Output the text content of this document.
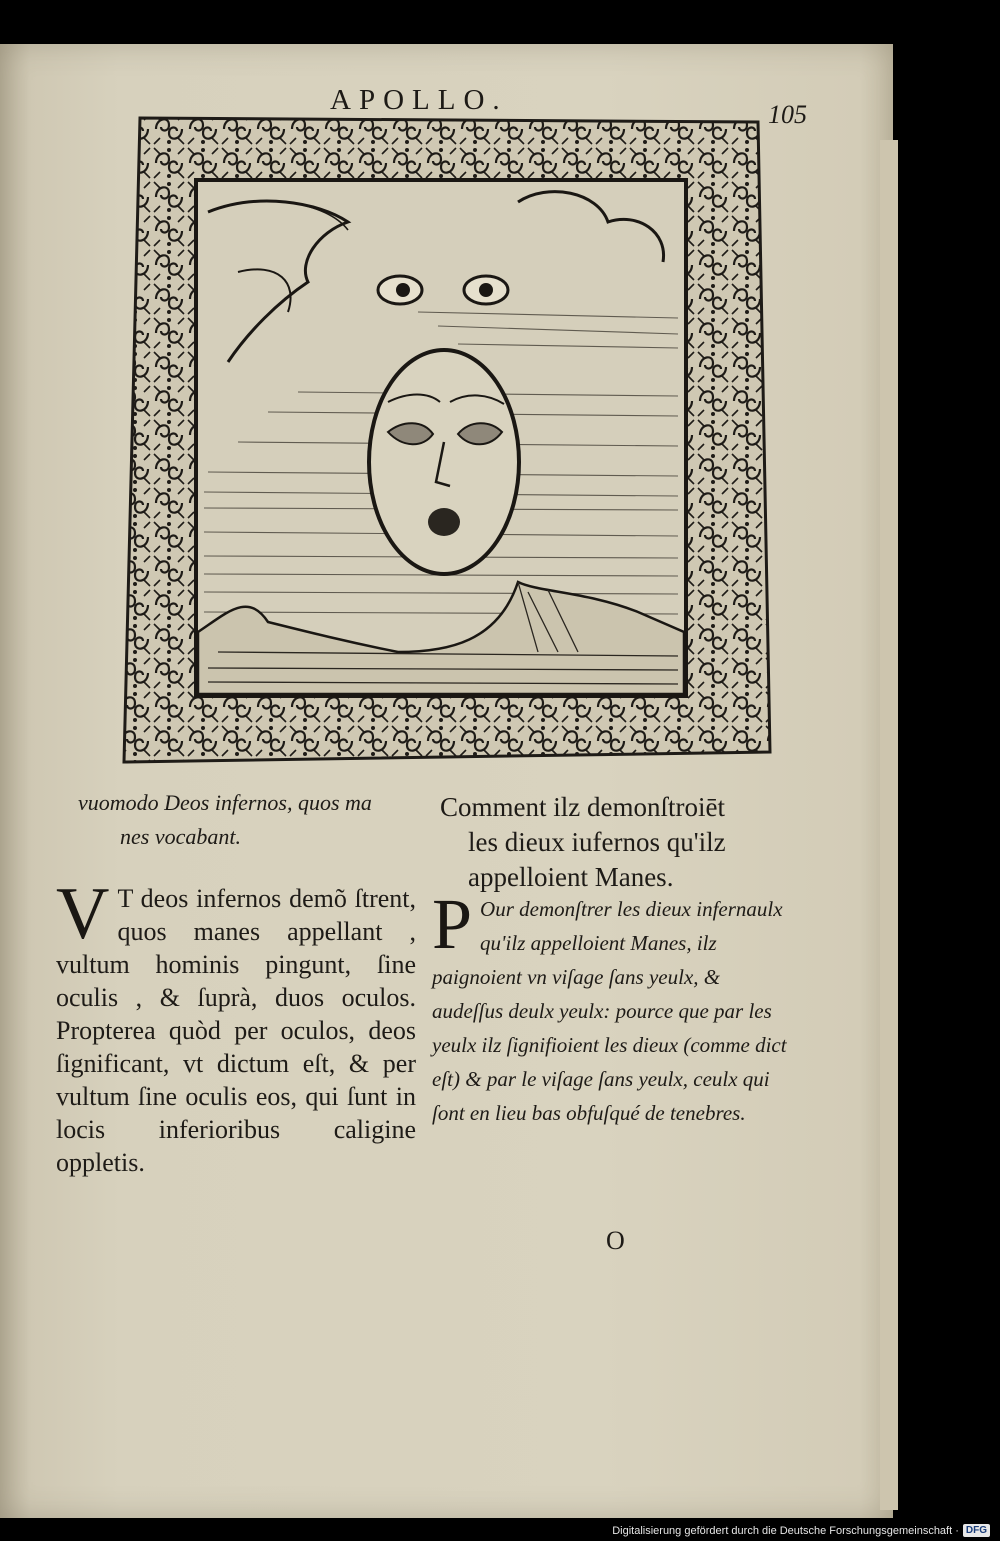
APOLLO.	105
vuomodo Deos infernos, quos ma
nes vocabant.
V T deos infernos demõ ſtrent, quos manes appellant , vultum hominis pingunt, ſine oculis , & ſuprà, duos oculos. Propterea quòd per oculos, deos ſignificant, vt dictum eſt, & per vultum ſine oculis eos, qui ſunt in locis inferioribus caligine oppletis.
Comment ilz demonſtroiēt
les dieux iufernos qu'ilz
appelloient Manes.
P Our demonſtrer les dieux infernaulx qu'ilz appelloient Manes, ilz paignoient vn viſage ſans yeulx, & audeſſus deulx yeulx: pource que par les yeulx ilz ſignifioient les dieux (comme dict eſt) & par le viſage ſans yeulx, ceulx qui ſont en lieu bas obfuſqué de tenebres.
O
Digitalisierung gefördert durch die Deutsche Forschungsgemeinschaft · DFG
